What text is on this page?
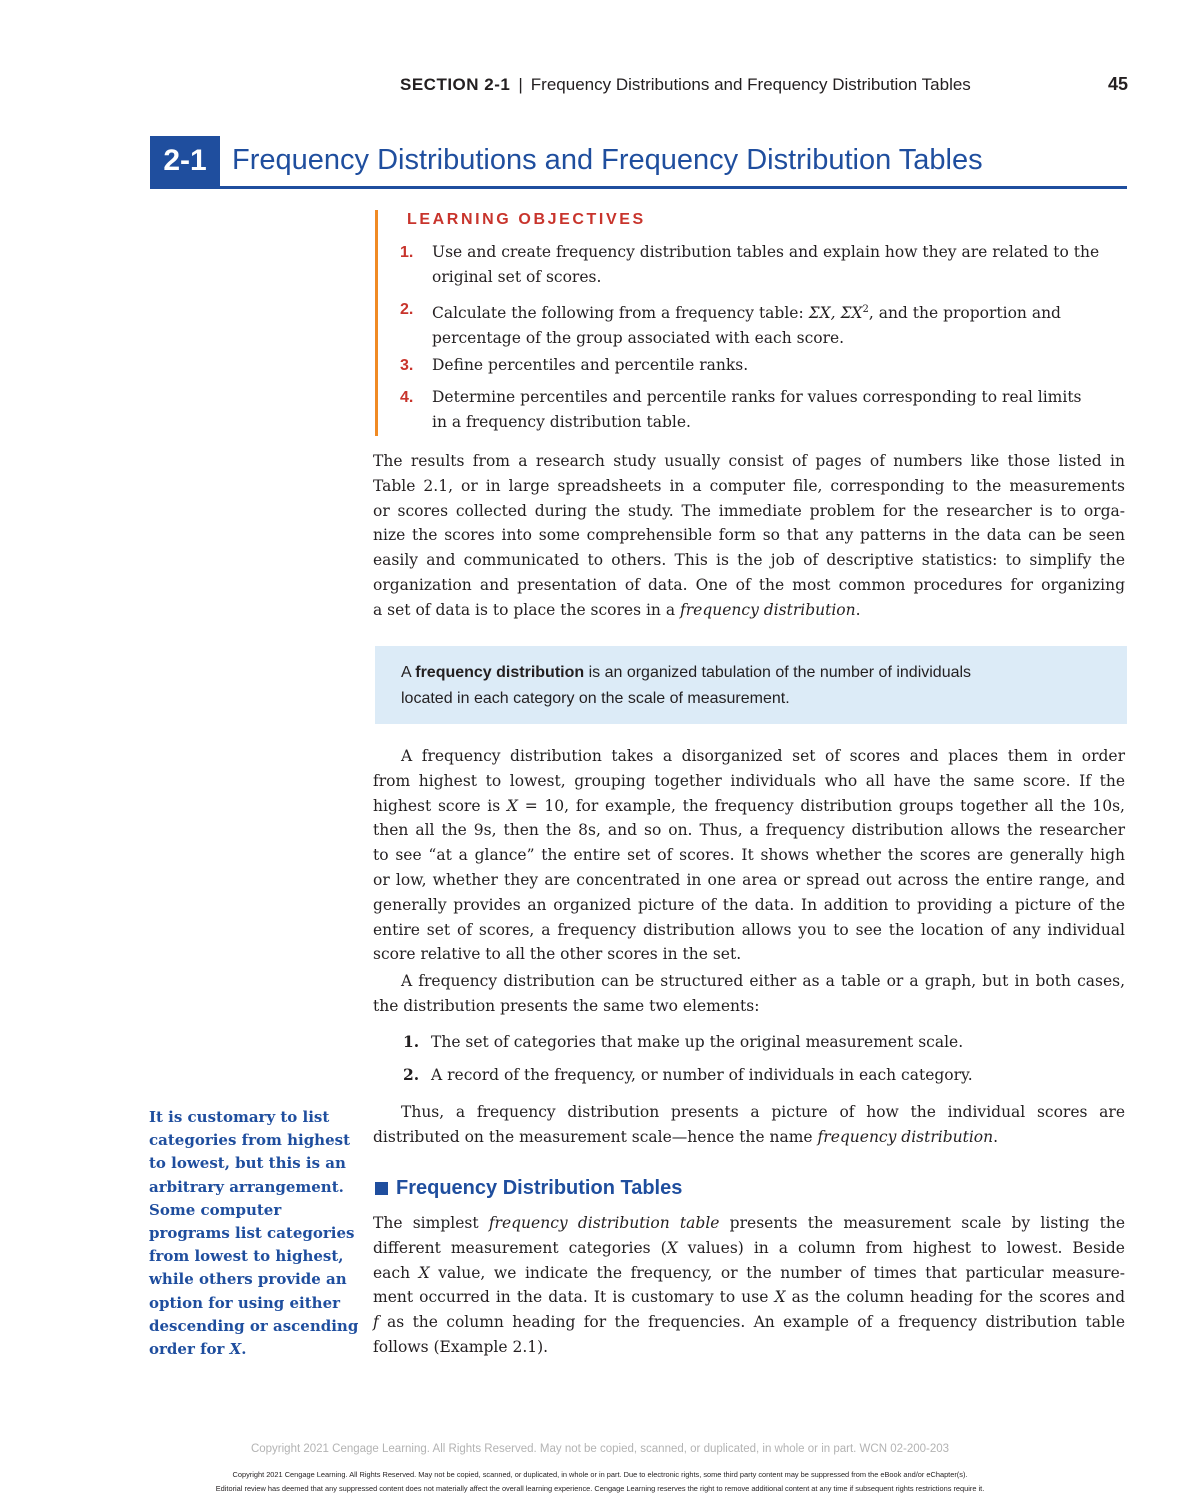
SECTION 2-1 | Frequency Distributions and Frequency Distribution Tables	45
2-1 Frequency Distributions and Frequency Distribution Tables
LEARNING OBJECTIVES
1. Use and create frequency distribution tables and explain how they are related to the
original set of scores.
2. Calculate the following from a frequency table: ΣX, $\Sigma X^2$, and the proportion and
percentage of the group associated with each score.
3. Define percentiles and percentile ranks.
4. Determine percentiles and percentile ranks for values corresponding to real limits
in a frequency distribution table.
The results from a research study usually consist of pages of numbers like those listed in
Table 2.1, or in large spreadsheets in a computer file, corresponding to the measurements
or scores collected during the study. The immediate problem for the researcher is to orga-
nize the scores into some comprehensible form so that any patterns in the data can be seen
easily and communicated to others. This is the job of descriptive statistics: to simplify the
organization and presentation of data. One of the most common procedures for organizing
a set of data is to place the scores in a frequency distribution.
A frequency distribution is an organized tabulation of the number of individuals
located in each category on the scale of measurement.
A frequency distribution takes a disorganized set of scores and places them in order
from highest to lowest, grouping together individuals who all have the same score. If the
highest score is X = 10, for example, the frequency distribution groups together all the 10s,
then all the 9s, then the 8s, and so on. Thus, a frequency distribution allows the researcher
to see “at a glance” the entire set of scores. It shows whether the scores are generally high
or low, whether they are concentrated in one area or spread out across the entire range, and
generally provides an organized picture of the data. In addition to providing a picture of the
entire set of scores, a frequency distribution allows you to see the location of any individual
score relative to all the other scores in the set.
A frequency distribution can be structured either as a table or a graph, but in both cases,
the distribution presents the same two elements:
1. The set of categories that make up the original measurement scale.
2. A record of the frequency, or number of individuals in each category.
Thus, a frequency distribution presents a picture of how the individual scores are
distributed on the measurement scale—hence the name frequency distribution.
Frequency Distribution Tables
The simplest frequency distribution table presents the measurement scale by listing the
different measurement categories (X values) in a column from highest to lowest. Beside
each X value, we indicate the frequency, or the number of times that particular measure-
ment occurred in the data. It is customary to use X as the column heading for the scores and
f as the column heading for the frequencies. An example of a frequency distribution table
follows (Example 2.1).
It is customary to list
categories from highest
to lowest, but this is an
arbitrary arrangement.
Some computer
programs list categories
from lowest to highest,
while others provide an
option for using either
descending or ascending
order for X.
Copyright 2021 Cengage Learning. All Rights Reserved. May not be copied, scanned, or duplicated, in whole or in part. WCN 02-200-203
Copyright 2021 Cengage Learning. All Rights Reserved. May not be copied, scanned, or duplicated, in whole or in part. Due to electronic rights, some third party content may be suppressed from the eBook and/or eChapter(s).
Editorial review has deemed that any suppressed content does not materially affect the overall learning experience. Cengage Learning reserves the right to remove additional content at any time if subsequent rights restrictions require it.
